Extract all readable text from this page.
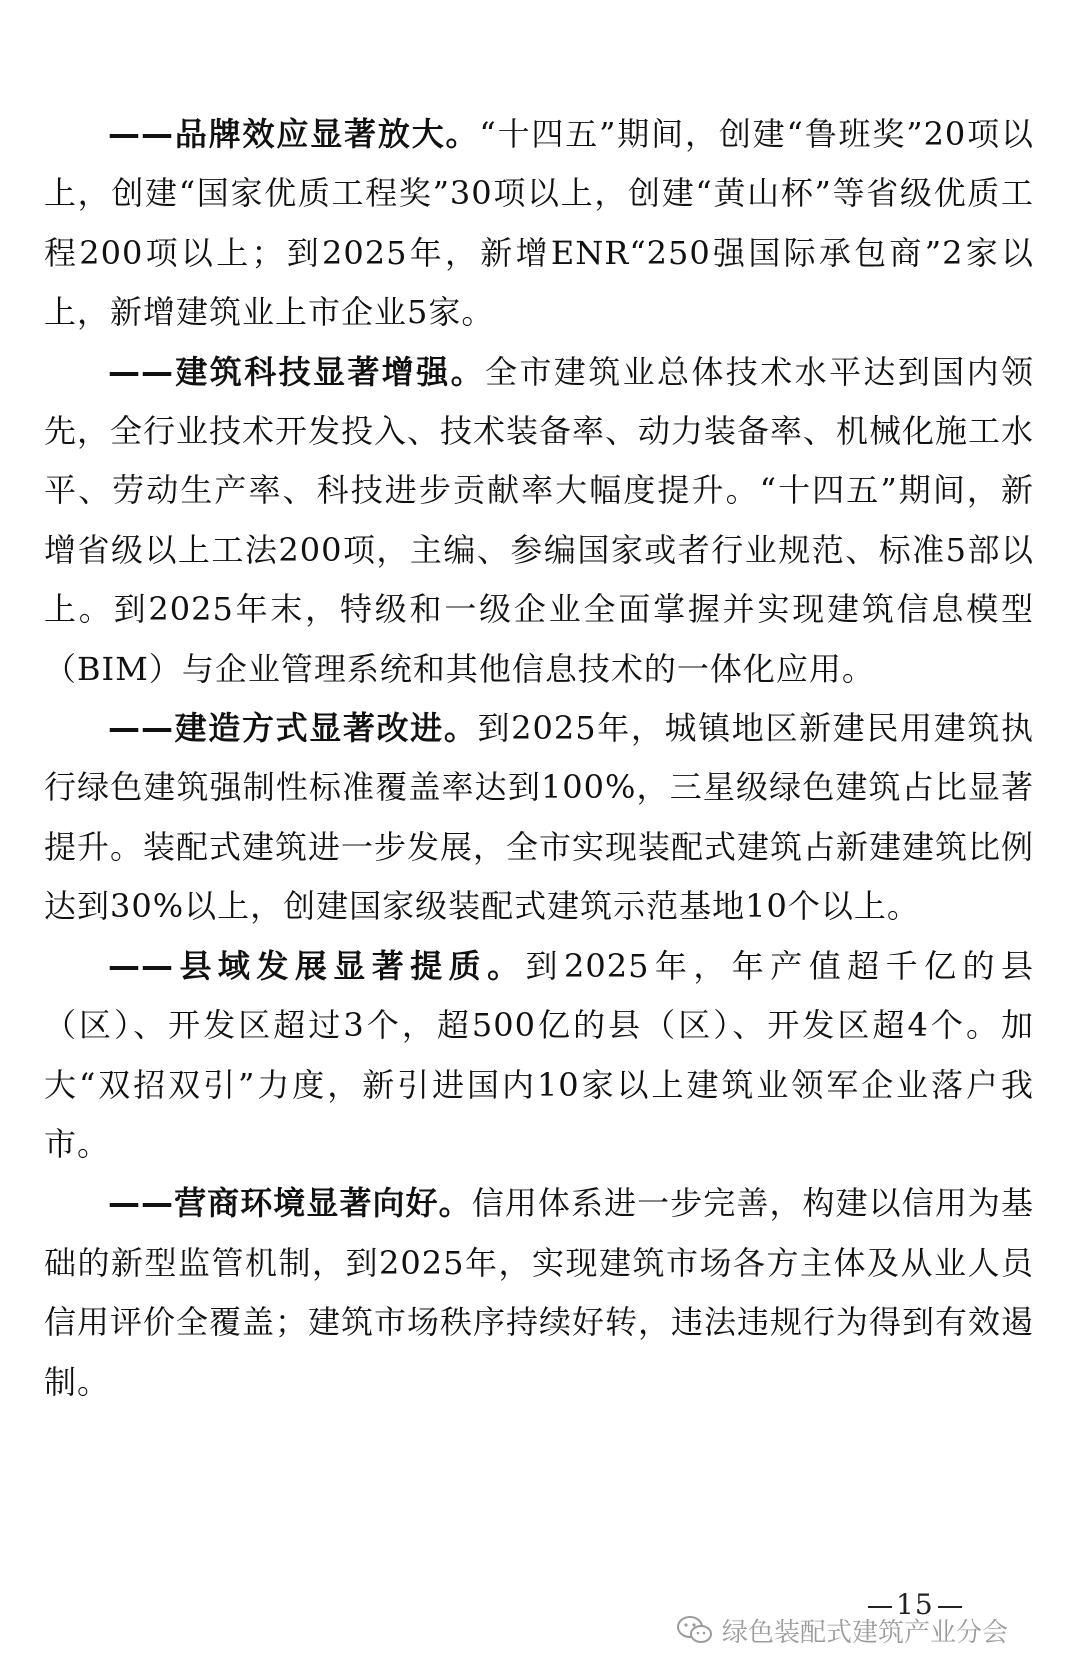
——品牌效应显著放大。“十四五”期间，创建“鲁班奖”20项以上，创建“国家优质工程奖”30项以上，创建“黄山杯”等省级优质工程200项以上；到2025年，新增ENR“250强国际承包商”2家以上，新增建筑业上市企业5家。

——建筑科技显著增强。全市建筑业总体技术水平达到国内领先，全行业技术开发投入、技术装备率、动力装备率、机械化施工水平、劳动生产率、科技进步贡献率大幅度提升。“十四五”期间，新增省级以上工法200项，主编、参编国家或者行业规范、标准5部以上。到2025年末，特级和一级企业全面掌握并实现建筑信息模型（BIM）与企业管理系统和其他信息技术的一体化应用。

——建造方式显著改进。到2025年，城镇地区新建民用建筑执行绿色建筑强制性标准覆盖率达到100%，三星级绿色建筑占比显著提升。装配式建筑进一步发展，全市实现装配式建筑占新建建筑比例达到30%以上，创建国家级装配式建筑示范基地10个以上。

——县域发展显著提质。到2025年，年产值超千亿的县（区）、开发区超过3个，超500亿的县（区）、开发区超4个。加大“双招双引”力度，新引进国内10家以上建筑业领军企业落户我市。

——营商环境显著向好。信用体系进一步完善，构建以信用为基础的新型监管机制，到2025年，实现建筑市场各方主体及从业人员信用评价全覆盖；建筑市场秩序持续好转，违法违规行为得到有效遏制。

15
绿色装配式建筑产业分会
